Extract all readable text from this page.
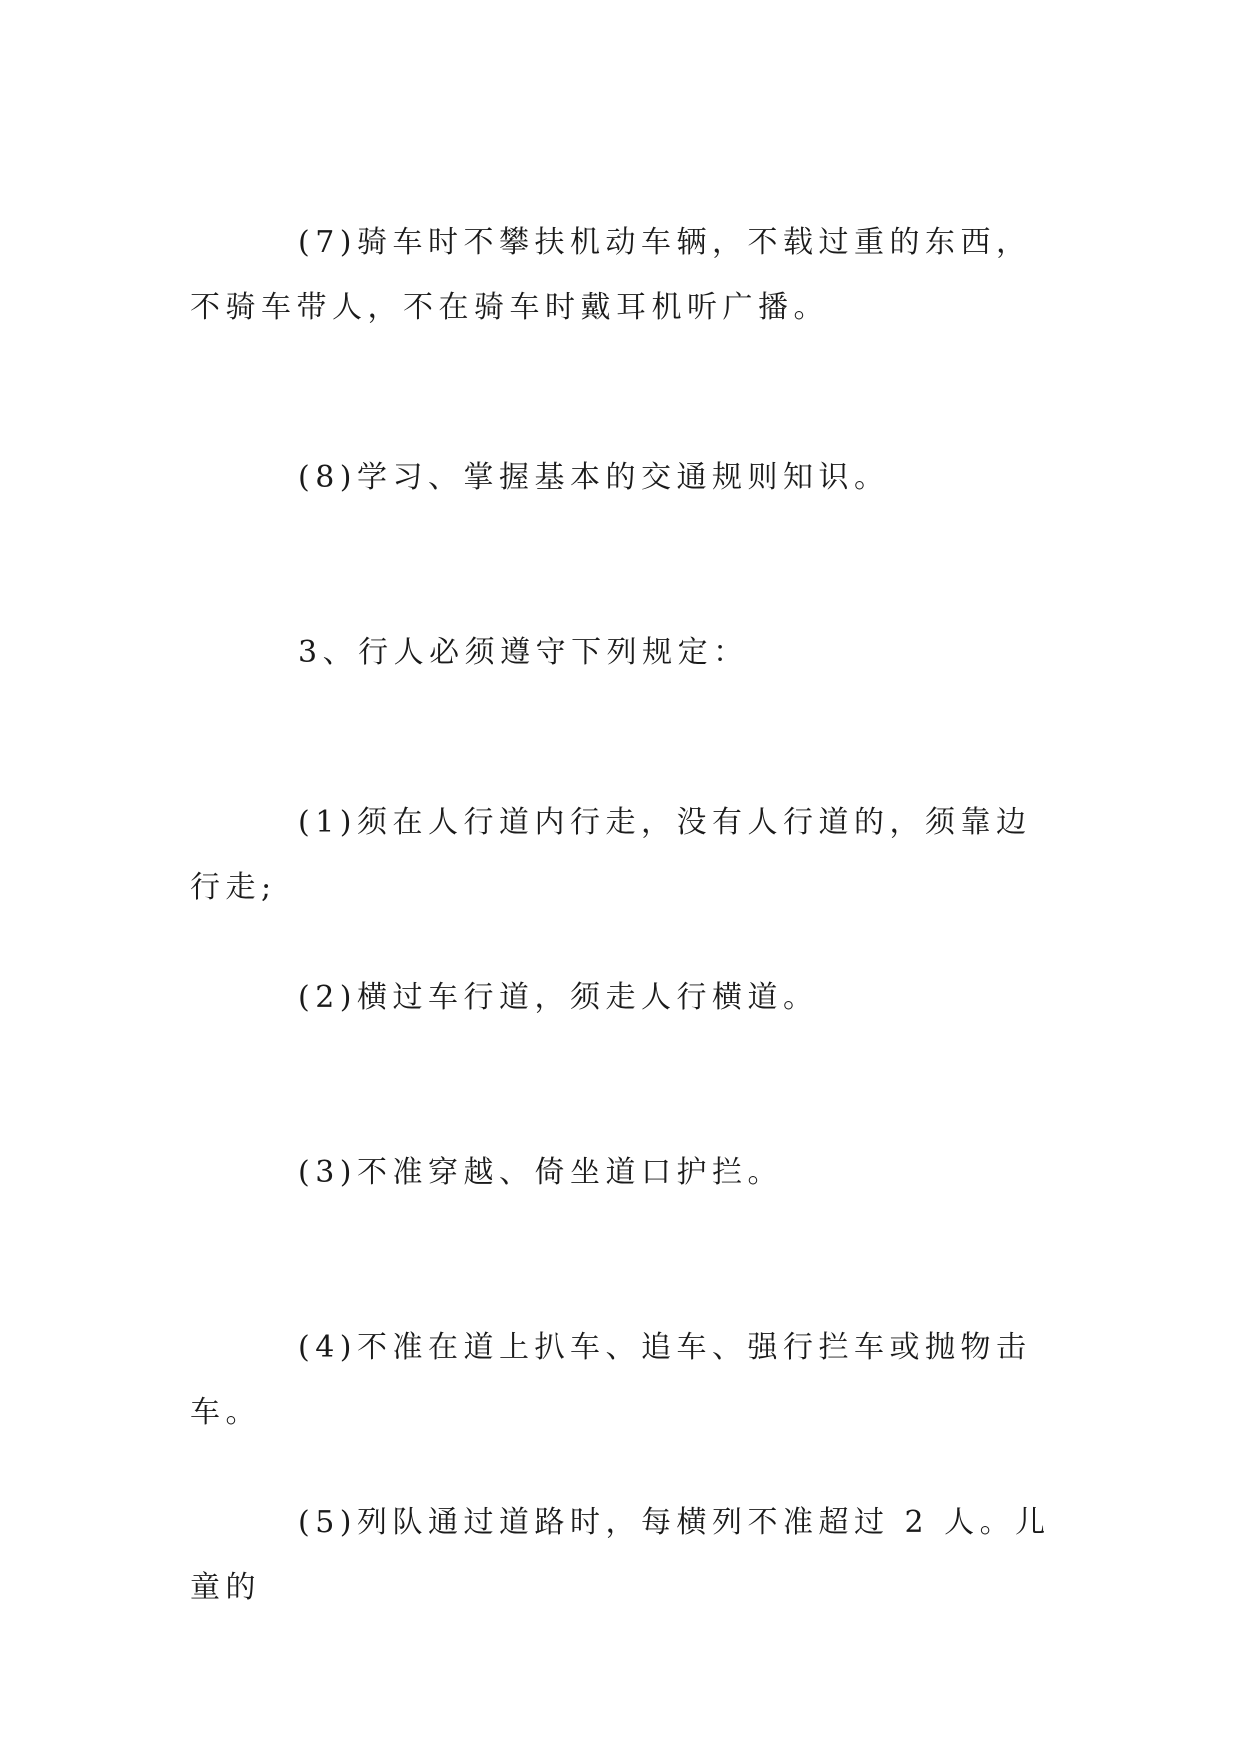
(7)骑车时不攀扶机动车辆，不载过重的东西，不骑车带人，不在骑车时戴耳机听广播。

(8)学习、掌握基本的交通规则知识。

3、行人必须遵守下列规定：

(1)须在人行道内行走，没有人行道的，须靠边行走;

(2)横过车行道，须走人行横道。

(3)不准穿越、倚坐道口护拦。

(4)不准在道上扒车、追车、强行拦车或抛物击车。

(5)列队通过道路时，每横列不准超过 2 人。儿童的
